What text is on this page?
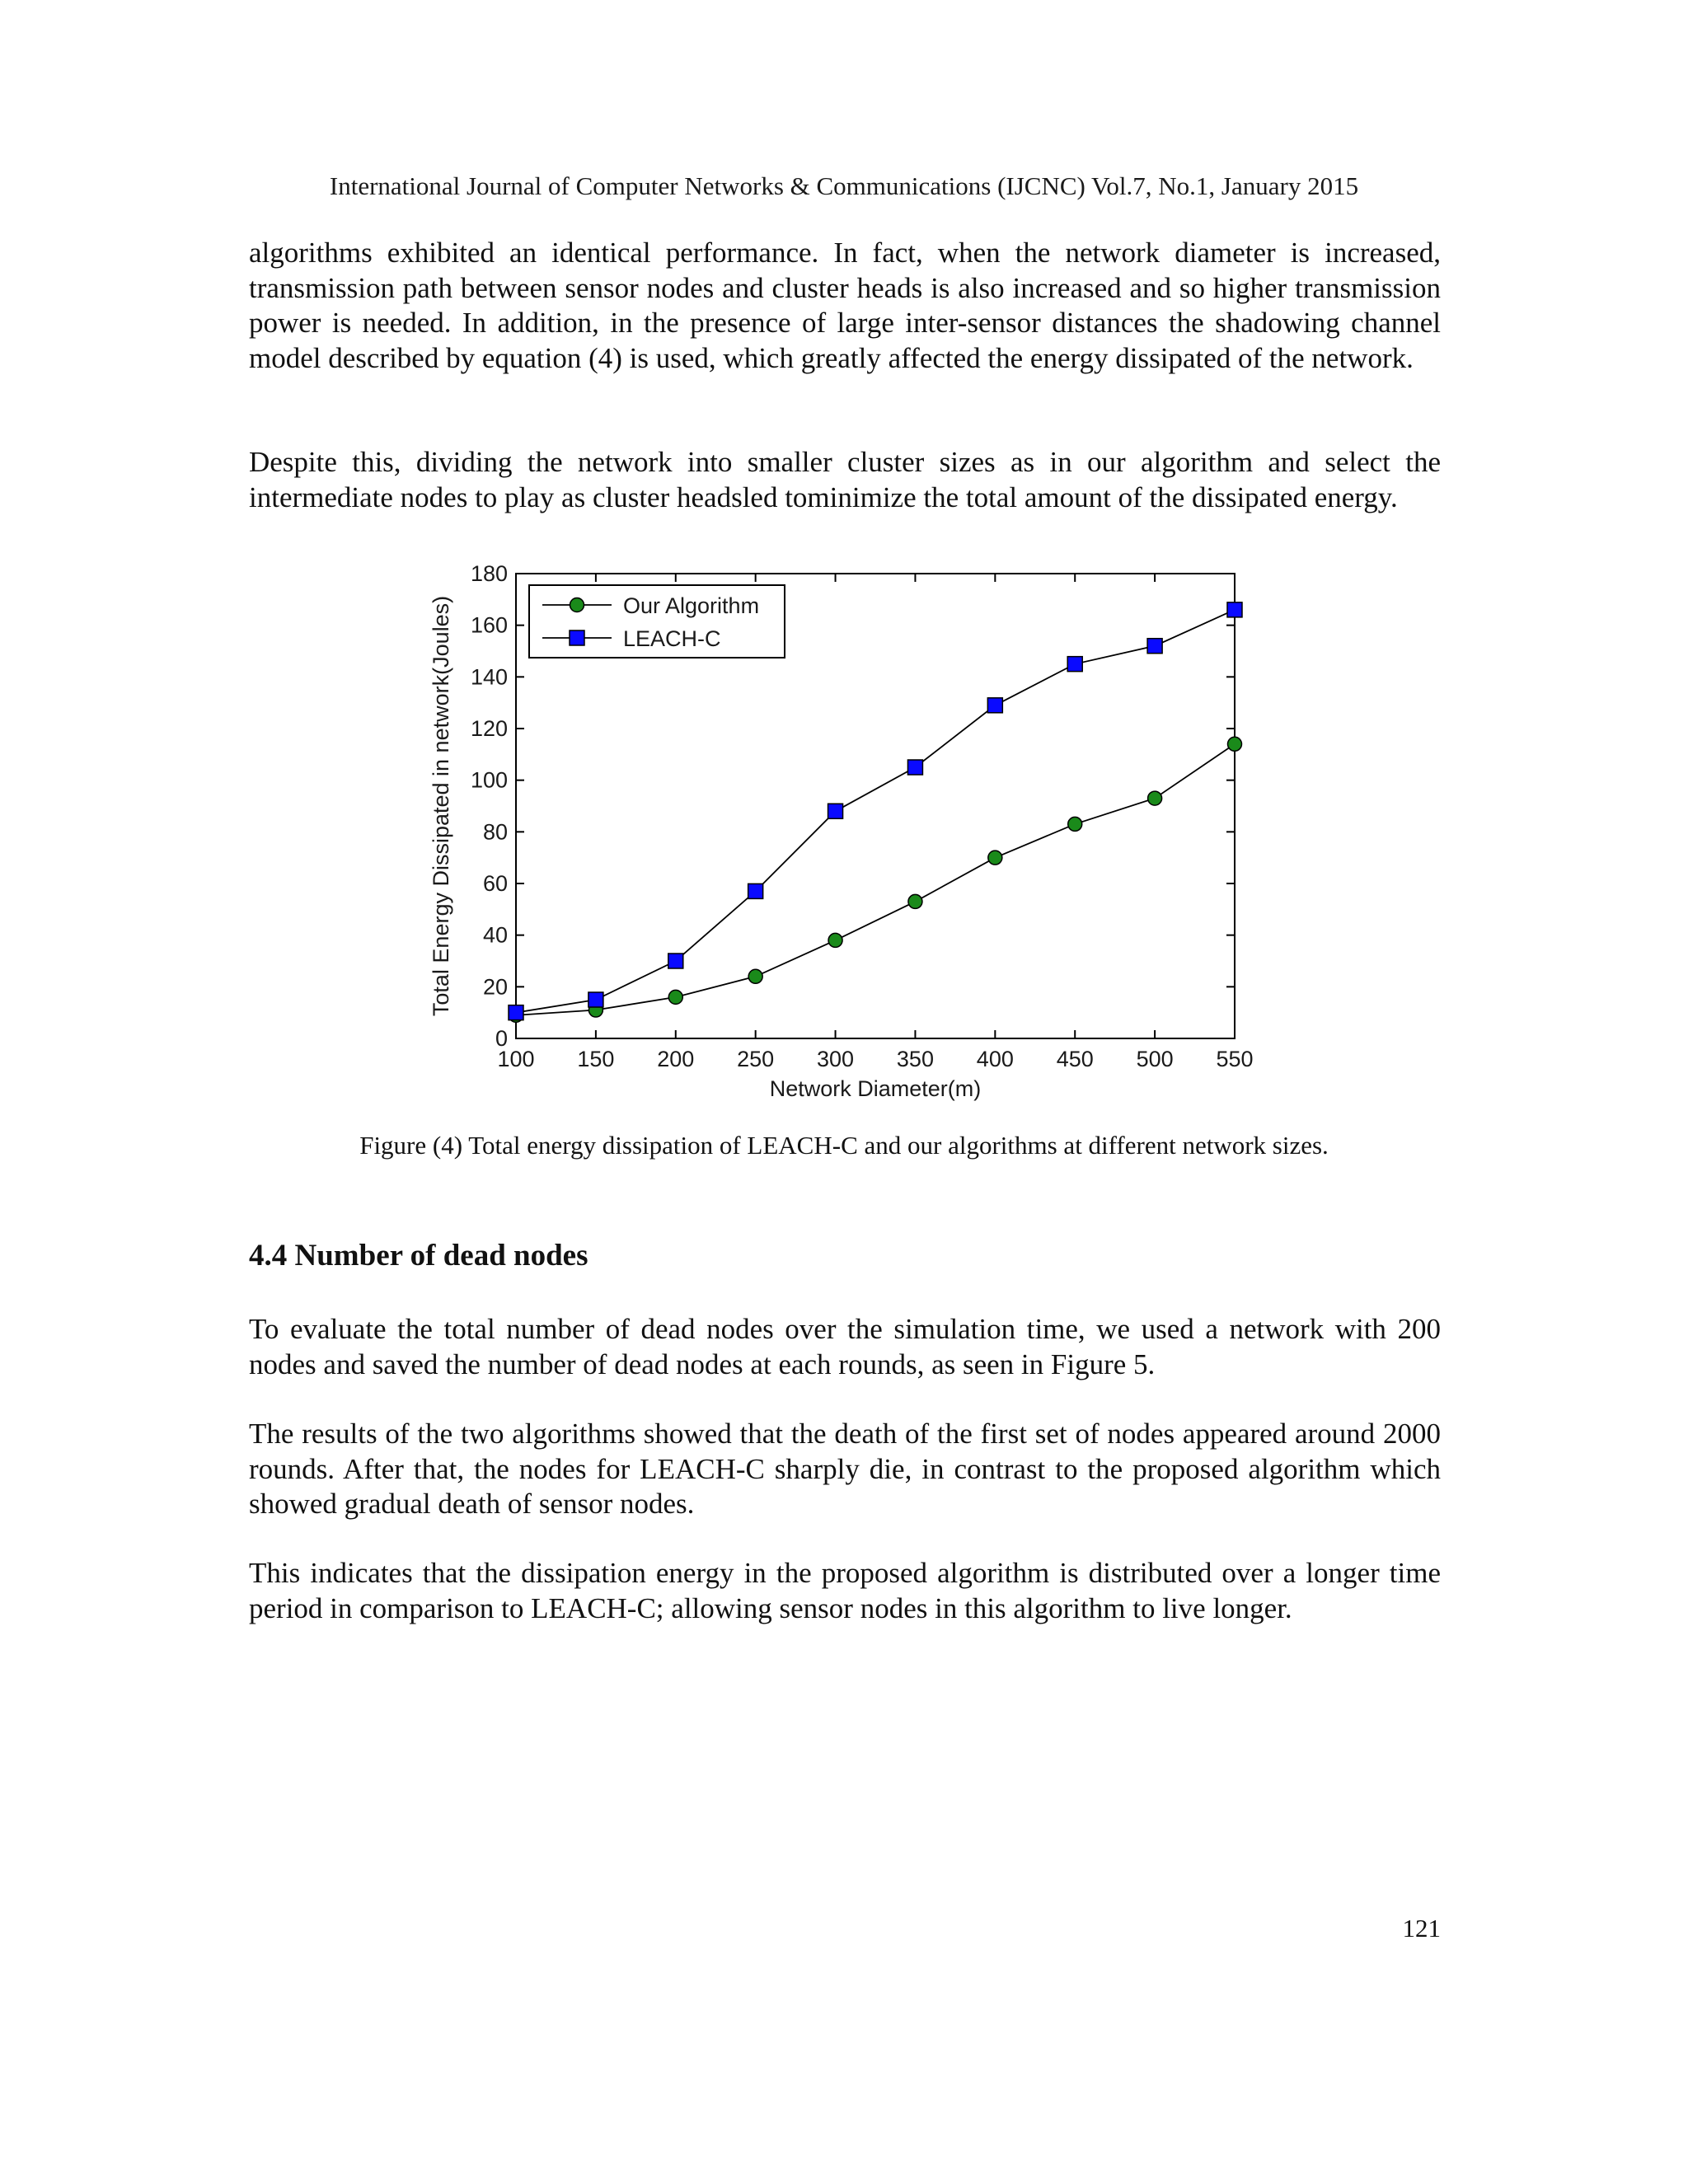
International Journal of Computer Networks & Communications (IJCNC) Vol.7, No.1, January 2015

algorithms exhibited an identical performance. In fact, when the network diameter is increased, transmission path between sensor nodes and cluster heads is also increased and so higher transmission power is needed. In addition, in the presence of large inter-sensor distances the shadowing channel model described by equation (4) is used, which greatly affected the energy dissipated of the network.

Despite this, dividing the network into smaller cluster sizes as in our algorithm and select the intermediate nodes to play as cluster headsled tominimize the total amount of the dissipated energy.

100 150 200 250 300 350 400 450 500 550
0
20
40
60
80
100
120
140
160
180
Network Diameter(m)
Total Energy Dissipated in network(Joules)	Our Algorithm
LEACH-C

Figure (4) Total energy dissipation of LEACH-C and our algorithms at different network sizes.

4.4 Number of dead nodes

To evaluate the total number of dead nodes over the simulation time, we used a network with 200 nodes and saved the number of dead nodes at each rounds, as seen in Figure 5.

The results of the two algorithms showed that the death of the first set of nodes appeared around 2000 rounds. After that, the nodes for LEACH-C sharply die, in contrast to the proposed algorithm which showed gradual death of sensor nodes.

This indicates that the dissipation energy in the proposed algorithm is distributed over a longer time period in comparison to LEACH-C; allowing sensor nodes in this algorithm to live longer.

121
